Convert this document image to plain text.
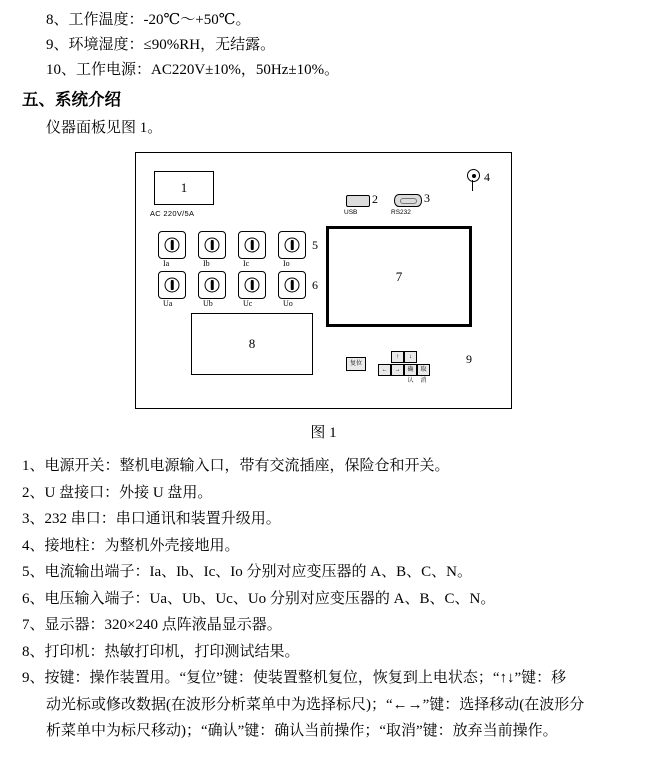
8、工作温度：-20℃～+50℃。
9、环境湿度：≤90%RH，无结露。
10、工作电源：AC220V±10%，50Hz±10%。
五、系统介绍
仪器面板见图 1。
1
AC 220V/5A	USB
2
RS232
3
4
Ia	Ib	Ic	Io
5
Ua	Ub	Uc	Uo
6
7
8
复位
↑
←	→
↓
确认
取消
9
图 1
1、电源开关：整机电源输入口，带有交流插座，保险仓和开关。
2、U 盘接口：外接 U 盘用。
3、232 串口：串口通讯和装置升级用。
4、接地柱：为整机外壳接地用。
5、电流输出端子：Ia、Ib、Ic、Io 分别对应变压器的 A、B、C、N。
6、电压输入端子：Ua、Ub、Uc、Uo 分别对应变压器的 A、B、C、N。
7、显示器：320×240 点阵液晶显示器。
8、打印机：热敏打印机，打印测试结果。
9、按键：操作装置用。“复位”键：使装置整机复位，恢复到上电状态；“↑↓”键：移
动光标或修改数据(在波形分析菜单中为选择标尺)；“←→”键：选择移动(在波形分
析菜单中为标尺移动)；“确认”键：确认当前操作；“取消”键：放弃当前操作。
